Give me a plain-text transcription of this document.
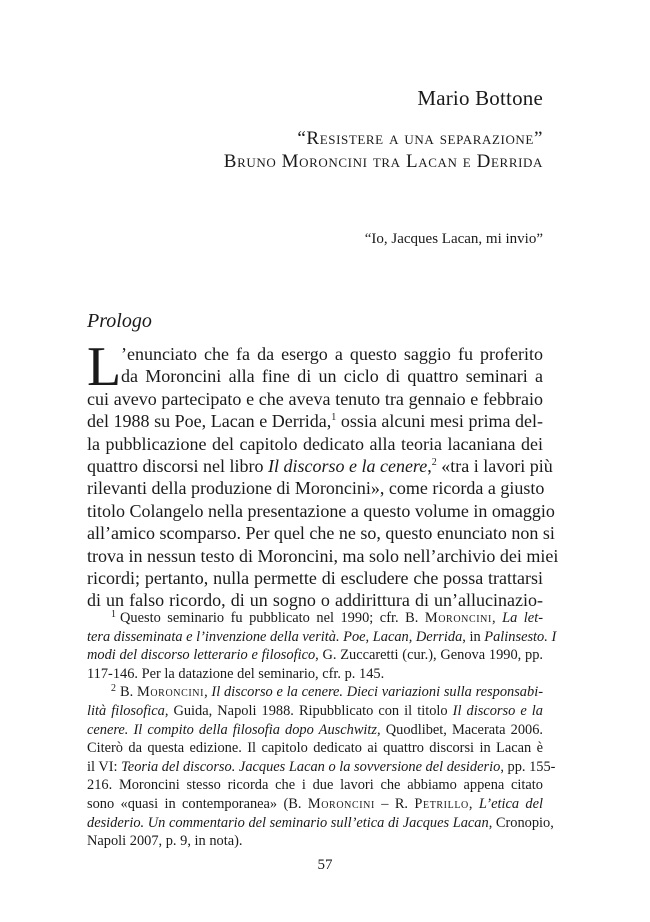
Mario Bottone
“Resistere a una separazione”
Bruno Moroncini tra Lacan e Derrida
“Io, Jacques Lacan, mi invio”
Prologo
L ’enunciato che fa da esergo a questo saggio fu proferito
da Moroncini alla fine di un ciclo di quattro seminari a
cui avevo partecipato e che aveva tenuto tra gennaio e febbraio
del 1988 su Poe, Lacan e Derrida,$^1$ ossia alcuni mesi prima del-
la pubblicazione del capitolo dedicato alla teoria lacaniana dei
quattro discorsi nel libro Il discorso e la cenere,$^2$ «tra i lavori più
rilevanti della produzione di Moroncini», come ricorda a giusto
titolo Colangelo nella presentazione a questo volume in omaggio
all’amico scomparso. Per quel che ne so, questo enunciato non si
trova in nessun testo di Moroncini, ma solo nell’archivio dei miei
ricordi; pertanto, nulla permette di escludere che possa trattarsi
di un falso ricordo, di un sogno o addirittura di un’allucinazio-
$^1$ Questo seminario fu pubblicato nel 1990; cfr. B. Moroncini, La let-
tera disseminata e l’invenzione della verità. Poe, Lacan, Derrida, in Palinsesto. I
modi del discorso letterario e filosofico, G. Zuccaretti (cur.), Genova 1990, pp.
117-146. Per la datazione del seminario, cfr. p. 145.
$^2$ B. Moroncini, Il discorso e la cenere. Dieci variazioni sulla responsabi-
lità filosofica, Guida, Napoli 1988. Ripubblicato con il titolo Il discorso e la
cenere. Il compito della filosofia dopo Auschwitz, Quodlibet, Macerata 2006.
Citerò da questa edizione. Il capitolo dedicato ai quattro discorsi in Lacan è
il VI: Teoria del discorso. Jacques Lacan o la sovversione del desiderio, pp. 155-
216. Moroncini stesso ricorda che i due lavori che abbiamo appena citato
sono «quasi in contemporanea» (B. Moroncini – R. Petrillo, L’etica del
desiderio. Un commentario del seminario sull’etica di Jacques Lacan, Cronopio,
Napoli 2007, p. 9, in nota).
57
